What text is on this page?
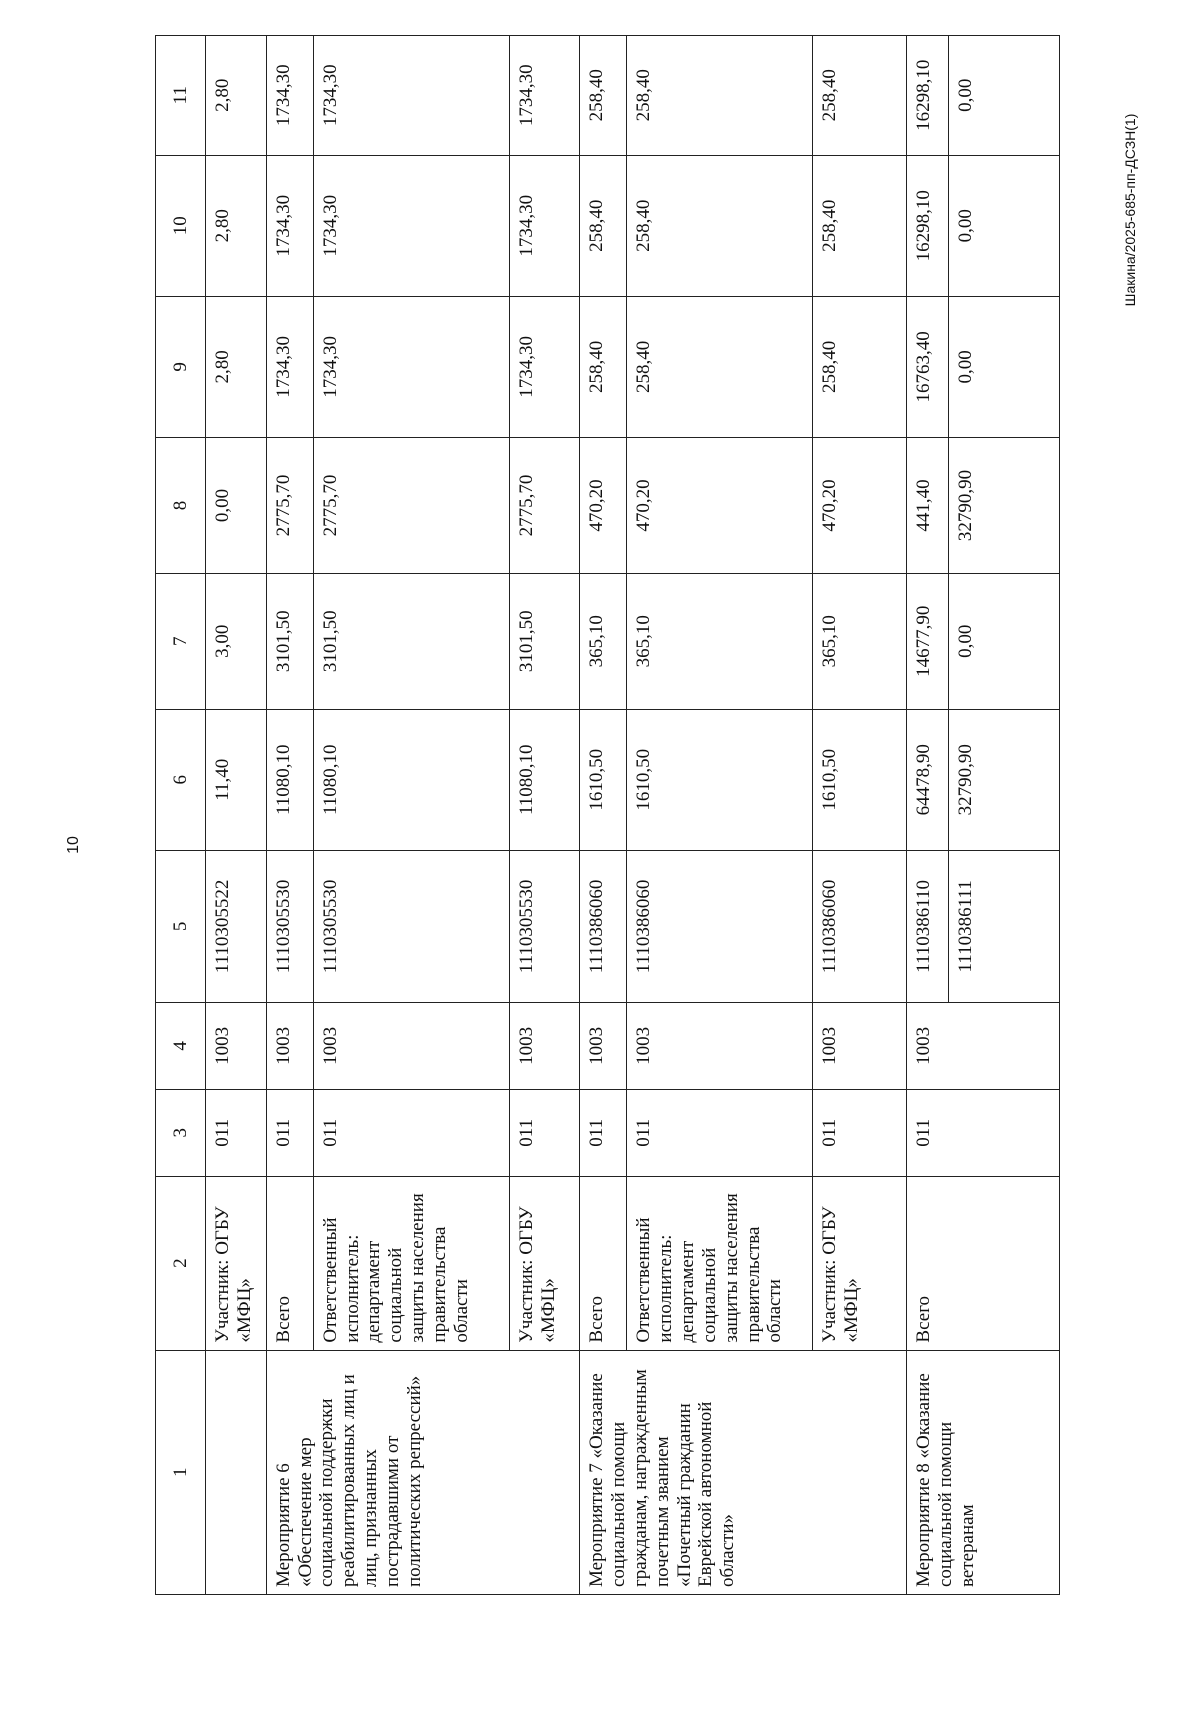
10
Шакина/2025-685-пп-ДСЗН(1)
1	2	3	4	5	6	7	8	9	10	11
	Участник: ОГБУ «МФЦ»	011	1003	1110305522	11,40	3,00	0,00	2,80	2,80	2,80
Мероприятие 6 «Обеспечение мер социальной поддержки реабилитированных лиц и лиц, признанных пострадавшими от политических репрессий»	Всего	011	1003	1110305530	11080,10	3101,50	2775,70	1734,30	1734,30	1734,30
	Ответственный исполнитель: департамент социальной защиты населения правительства области	011	1003	1110305530	11080,10	3101,50	2775,70	1734,30	1734,30	1734,30
	Участник: ОГБУ «МФЦ»	011	1003	1110305530	11080,10	3101,50	2775,70	1734,30	1734,30	1734,30
Мероприятие 7 «Оказание социальной помощи гражданам, награжденным почетным званием «Почетный гражданин Еврейской автономной области»	Всего	011	1003	1110386060	1610,50	365,10	470,20	258,40	258,40	258,40
	Ответственный исполнитель: департамент социальной защиты населения правительства области	011	1003	1110386060	1610,50	365,10	470,20	258,40	258,40	258,40
	Участник: ОГБУ «МФЦ»	011	1003	1110386060	1610,50	365,10	470,20	258,40	258,40	258,40
Мероприятие 8 «Оказание социальной помощи ветеранам	Всего	011	1003	1110386110	64478,90	14677,90	441,40	16763,40	16298,10	16298,10
				1110386111	32790,90	0,00	32790,90	0,00	0,00	0,00
